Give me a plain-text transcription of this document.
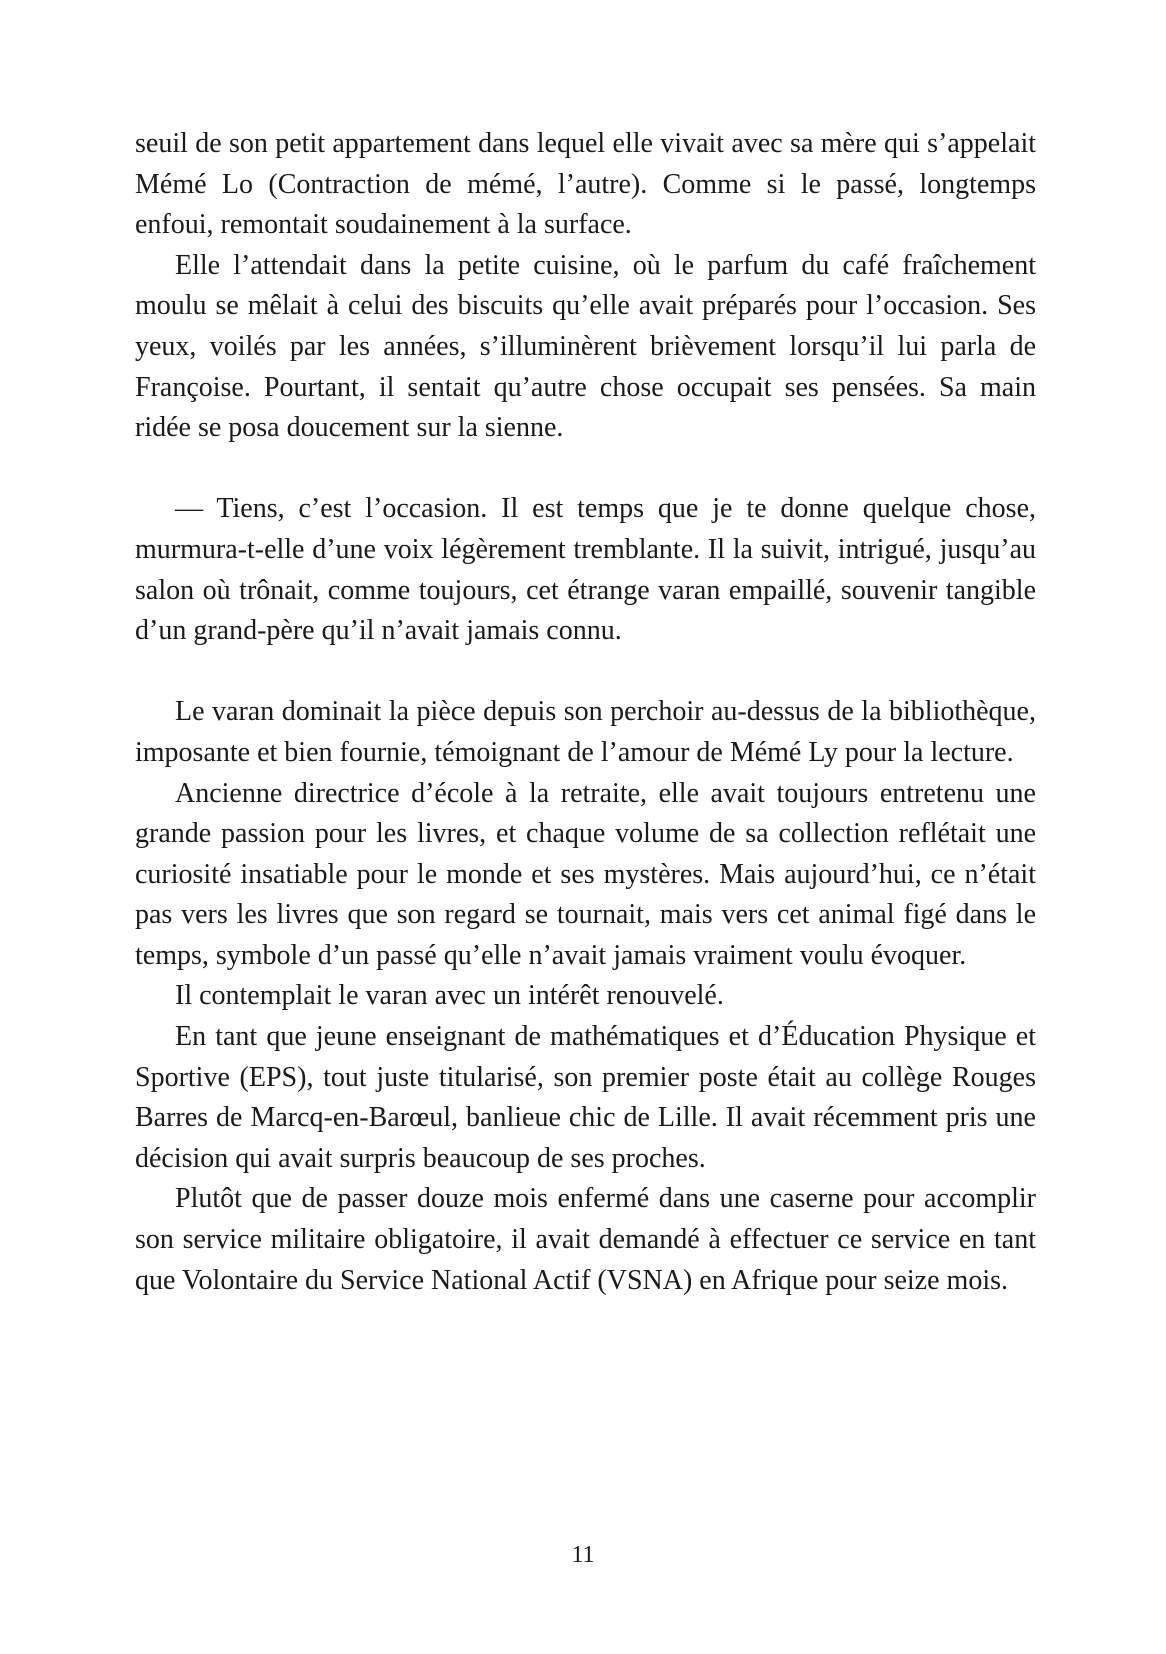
seuil de son petit appartement dans lequel elle vivait avec sa mère qui s’appelait Mémé Lo (Contraction de mémé, l’autre). Comme si le passé, longtemps enfoui, remontait soudainement à la surface.

Elle l’attendait dans la petite cuisine, où le parfum du café fraîchement moulu se mêlait à celui des biscuits qu’elle avait préparés pour l’occasion. Ses yeux, voilés par les années, s’illuminèrent brièvement lorsqu’il lui parla de Françoise. Pourtant, il sentait qu’autre chose occupait ses pensées. Sa main ridée se posa doucement sur la sienne.

— Tiens, c’est l’occasion. Il est temps que je te donne quelque chose, murmura-t-elle d’une voix légèrement tremblante. Il la suivit, intrigué, jusqu’au salon où trônait, comme toujours, cet étrange varan empaillé, souvenir tangible d’un grand-père qu’il n’avait jamais connu.

Le varan dominait la pièce depuis son perchoir au-dessus de la bibliothèque, imposante et bien fournie, témoignant de l’amour de Mémé Ly pour la lecture.

Ancienne directrice d’école à la retraite, elle avait toujours entretenu une grande passion pour les livres, et chaque volume de sa collection reflétait une curiosité insatiable pour le monde et ses mystères. Mais aujourd’hui, ce n’était pas vers les livres que son regard se tournait, mais vers cet animal figé dans le temps, symbole d’un passé qu’elle n’avait jamais vraiment voulu évoquer.

Il contemplait le varan avec un intérêt renouvelé.

En tant que jeune enseignant de mathématiques et d’Éducation Physique et Sportive (EPS), tout juste titularisé, son premier poste était au collège Rouges Barres de Marcq-en-Barœul, banlieue chic de Lille. Il avait récemment pris une décision qui avait surpris beaucoup de ses proches.

Plutôt que de passer douze mois enfermé dans une caserne pour accomplir son service militaire obligatoire, il avait demandé à effectuer ce service en tant que Volontaire du Service National Actif (VSNA) en Afrique pour seize mois.

11
